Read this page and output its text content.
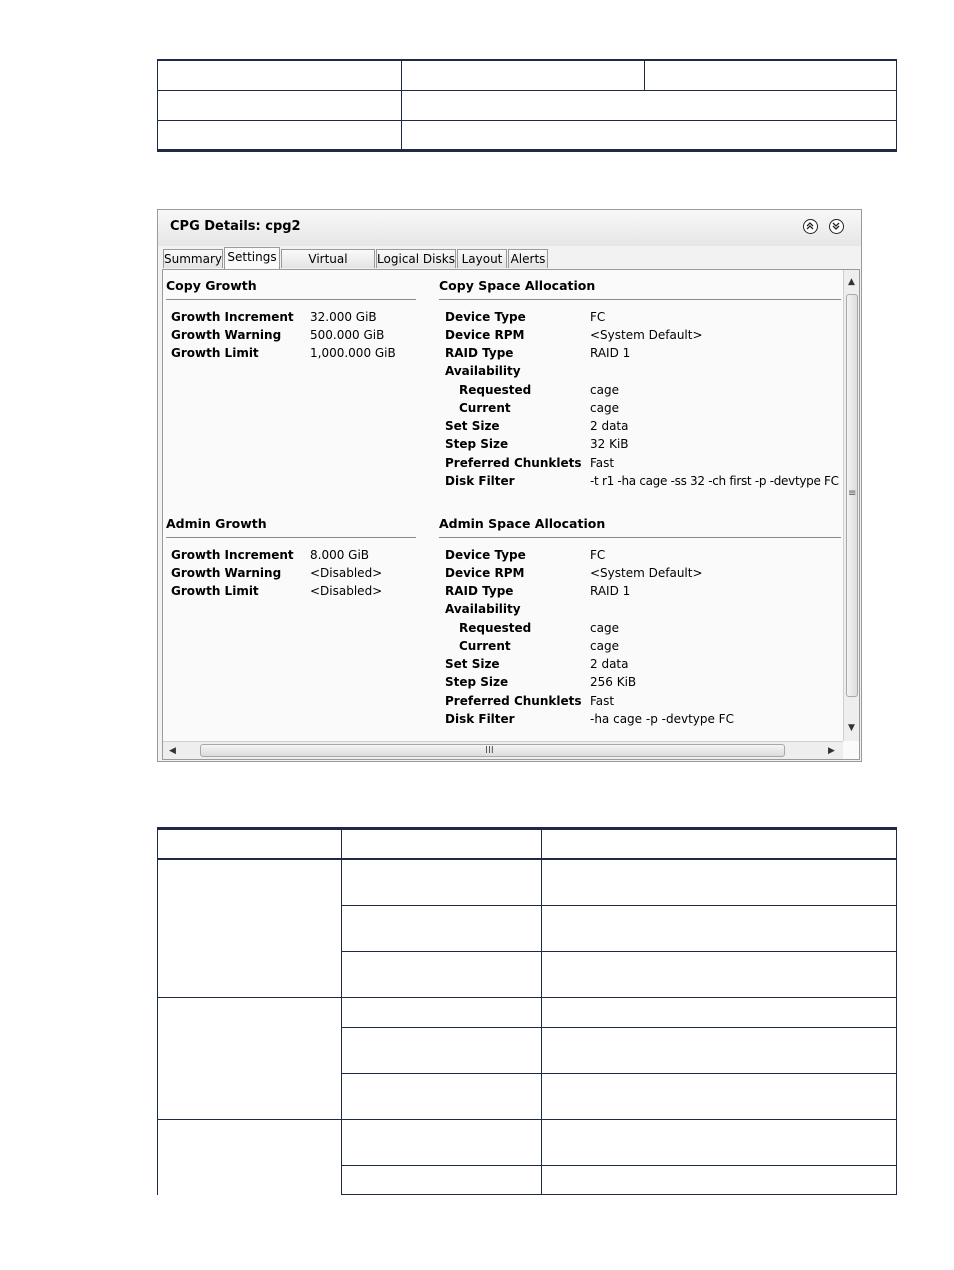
CPG Details: cpg2
Summary Settings	Virtual	Logical Disks Layout Alerts
Copy Growth
Growth Increment 32.000 GiB
Growth Warning 500.000 GiB
Growth Limit	1,000.000 GiB
Copy Space Allocation
Device Type	FC
Device RPM	<System Default>
RAID Type	RAID 1
Availability
Requested	cage
Current	cage
Set Size	2 data
Step Size	32 KiB
Preferred Chunklets Fast
Disk Filter	-t r1 -ha cage -ss 32 -ch first -p -devtype FC
Admin Growth
Growth Increment 8.000 GiB
Growth Warning <Disabled>
Growth Limit	<Disabled>
Admin Space Allocation
Device Type	FC
Device RPM	<System Default>
RAID Type	RAID 1
Availability
Requested	cage
Current	cage
Set Size	2 data
Step Size	256 KiB
Preferred Chunklets Fast
Disk Filter	-ha cage -p -devtype FC
▲
≡
▼
◀	III	▶
